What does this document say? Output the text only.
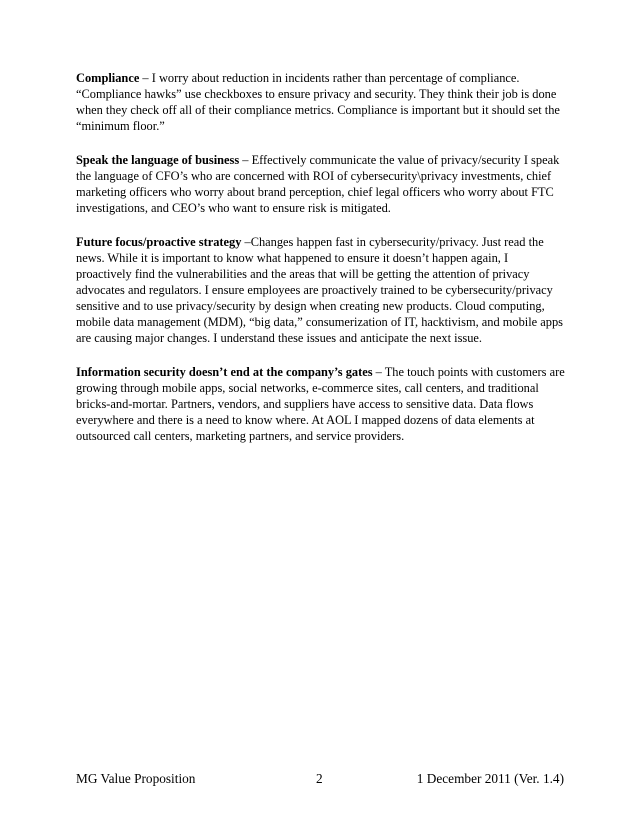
Compliance – I worry about reduction in incidents rather than percentage of compliance. “Compliance hawks” use checkboxes to ensure privacy and security. They think their job is done when they check off all of their compliance metrics. Compliance is important but it should set the “minimum floor.”

Speak the language of business – Effectively communicate the value of privacy/security I speak the language of CFO’s who are concerned with ROI of cybersecurity\privacy investments, chief marketing officers who worry about brand perception, chief legal officers who worry about FTC investigations, and CEO’s who want to ensure risk is mitigated.

Future focus/proactive strategy –Changes happen fast in cybersecurity/privacy. Just read the news. While it is important to know what happened to ensure it doesn’t happen again, I proactively find the vulnerabilities and the areas that will be getting the attention of privacy advocates and regulators. I ensure employees are proactively trained to be cybersecurity/privacy sensitive and to use privacy/security by design when creating new products. Cloud computing, mobile data management (MDM), “big data,” consumerization of IT, hacktivism, and mobile apps are causing major changes. I understand these issues and anticipate the next issue.

Information security doesn’t end at the company’s gates – The touch points with customers are growing through mobile apps, social networks, e-commerce sites, call centers, and traditional bricks-and-mortar. Partners, vendors, and suppliers have access to sensitive data. Data flows everywhere and there is a need to know where. At AOL I mapped dozens of data elements at outsourced call centers, marketing partners, and service providers.

MG Value Proposition	2	1 December 2011 (Ver. 1.4)
